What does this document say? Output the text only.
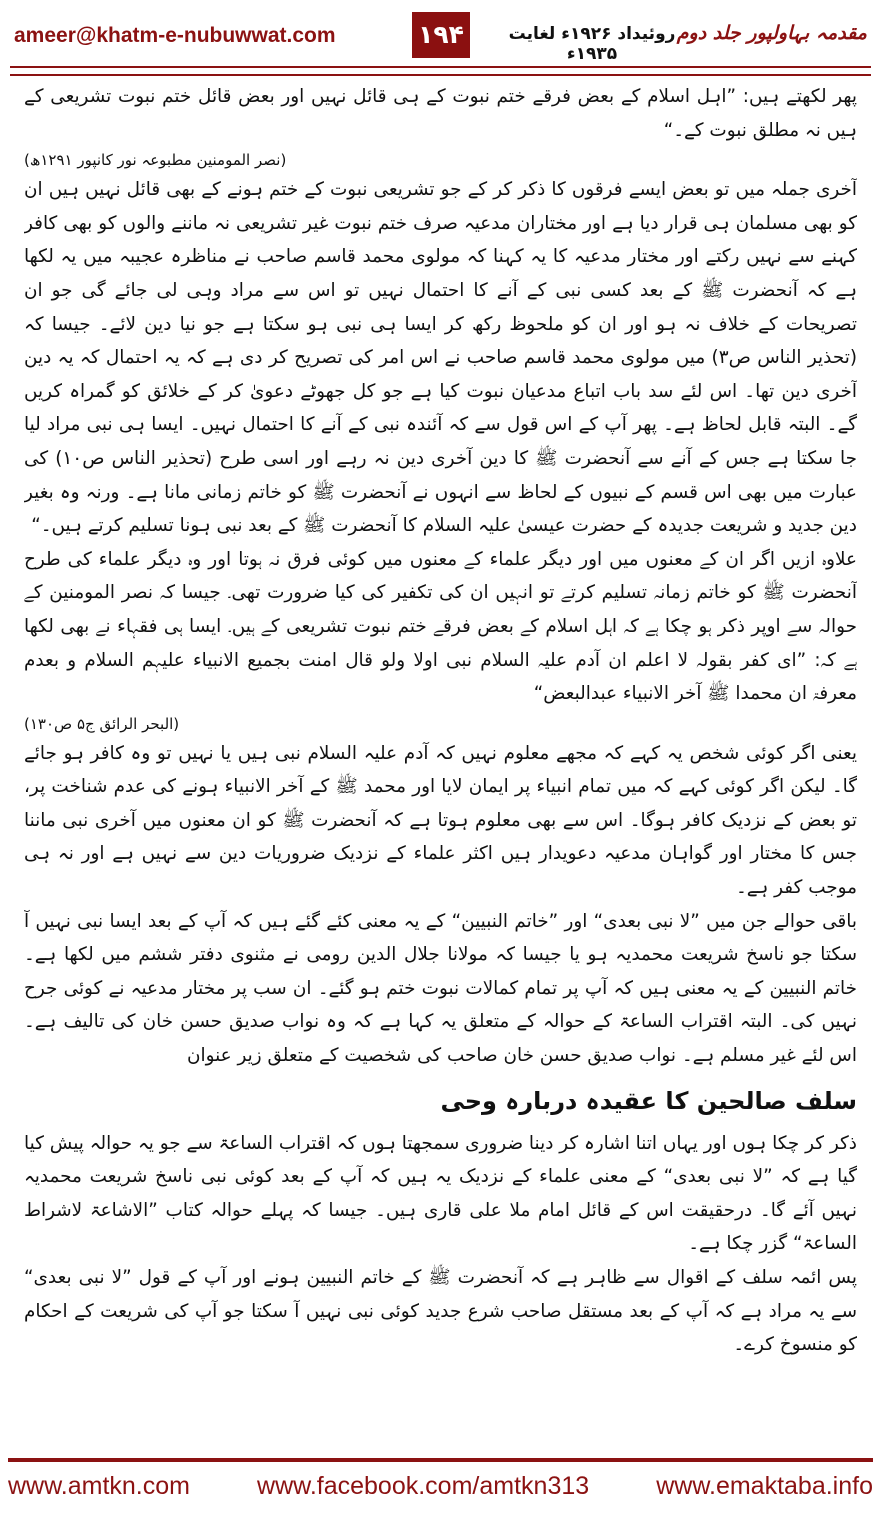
ameer@khatm-e-nubuwwat.com	۱۹۴	روئیداد ۱۹۲۶ء لغایت ۱۹۳۵ء
مقدمہ بہاولپور جلد دوم

پھر لکھتے ہیں: ”اہل اسلام کے بعض فرقے ختم نبوت کے ہی قائل نہیں اور بعض قائل ختم نبوت تشریعی کے ہیں نہ مطلق نبوت کے۔“

(نصر المومنین مطبوعہ نور کانپور ۱۲۹۱ھ)

آخری جملہ میں تو بعض ایسے فرقوں کا ذکر کر کے جو تشریعی نبوت کے ختم ہونے کے بھی قائل نہیں ہیں ان کو بھی مسلمان ہی قرار دیا ہے اور مختاران مدعیہ صرف ختم نبوت غیر تشریعی نہ ماننے والوں کو بھی کافر کہنے سے نہیں رکتے اور مختار مدعیہ کا یہ کہنا کہ مولوی محمد قاسم صاحب نے مناظرہ عجیبہ میں یہ لکھا ہے کہ آنحضرت ﷺ کے بعد کسی نبی کے آنے کا احتمال نہیں تو اس سے مراد وہی لی جائے گی جو ان تصریحات کے خلاف نہ ہو اور ان کو ملحوظ رکھ کر ایسا ہی نبی ہو سکتا ہے جو نیا دین لائے۔ جیسا کہ (تحذیر الناس ص۳) میں مولوی محمد قاسم صاحب نے اس امر کی تصریح کر دی ہے کہ یہ احتمال کہ یہ دین آخری دین تھا۔ اس لئے سد باب اتباع مدعیان نبوت کیا ہے جو کل جھوٹے دعویٰ کر کے خلائق کو گمراہ کریں گے۔ البتہ قابل لحاظ ہے۔ پھر آپ کے اس قول سے کہ آئندہ نبی کے آنے کا احتمال نہیں۔ ایسا ہی نبی مراد لیا جا سکتا ہے جس کے آنے سے آنحضرت ﷺ کا دین آخری دین نہ رہے اور اسی طرح (تحذیر الناس ص۱۰) کی عبارت میں بھی اس قسم کے نبیوں کے لحاظ سے انہوں نے آنحضرت ﷺ کو خاتم زمانی مانا ہے۔ ورنہ وہ بغیر دین جدید و شریعت جدیدہ کے حضرت عیسیٰ علیہ السلام کا آنحضرت ﷺ کے بعد نبی ہونا تسلیم کرتے ہیں۔“

علاوہ ازیں اگر ان کے معنوں میں اور دیگر علماء کے معنوں میں کوئی فرق نہ ہوتا اور وہ دیگر علماء کی طرح آنحضرت ﷺ کو خاتم زمانہ تسلیم کرتے تو انہیں ان کی تکفیر کی کیا ضرورت تھی۔ جیسا کہ نصر المومنین کے حوالہ سے اوپر ذکر ہو چکا ہے کہ اہل اسلام کے بعض فرقے ختم نبوت تشریعی کے ہیں۔ ایسا ہی فقہاء نے بھی لکھا ہے کہ: ”ای کفر بقولہ لا اعلم ان آدم علیہ السلام نبی اولا ولو قال امنت بجمیع الانبیاء علیہم السلام و بعدم معرفۃ ان محمدا ﷺ آخر الانبیاء عبدالبعض“

(البحر الرائق ج۵ ص۱۳۰)

یعنی اگر کوئی شخص یہ کہے کہ مجھے معلوم نہیں کہ آدم علیہ السلام نبی ہیں یا نہیں تو وہ کافر ہو جائے گا۔ لیکن اگر کوئی کہے کہ میں تمام انبیاء پر ایمان لایا اور محمد ﷺ کے آخر الانبیاء ہونے کی عدم شناخت پر، تو بعض کے نزدیک کافر ہوگا۔ اس سے بھی معلوم ہوتا ہے کہ آنحضرت ﷺ کو ان معنوں میں آخری نبی ماننا جس کا مختار اور گواہان مدعیہ دعویدار ہیں اکثر علماء کے نزدیک ضروریات دین سے نہیں ہے اور نہ ہی موجب کفر ہے۔

باقی حوالے جن میں ”لا نبی بعدی“ اور ”خاتم النبیین“ کے یہ معنی کئے گئے ہیں کہ آپ کے بعد ایسا نبی نہیں آ سکتا جو ناسخ شریعت محمدیہ ہو یا جیسا کہ مولانا جلال الدین رومی نے مثنوی دفتر ششم میں لکھا ہے۔ خاتم النبیین کے یہ معنی ہیں کہ آپ پر تمام کمالات نبوت ختم ہو گئے۔ ان سب پر مختار مدعیہ نے کوئی جرح نہیں کی۔ البتہ اقتراب الساعۃ کے حوالہ کے متعلق یہ کہا ہے کہ وہ نواب صدیق حسن خان کی تالیف ہے۔ اس لئے غیر مسلم ہے۔ نواب صدیق حسن خان صاحب کی شخصیت کے متعلق زیر عنوان

سلف صالحین کا عقیدہ دربارہ وحی

ذکر کر چکا ہوں اور یہاں اتنا اشارہ کر دینا ضروری سمجھتا ہوں کہ اقتراب الساعۃ سے جو یہ حوالہ پیش کیا گیا ہے کہ ”لا نبی بعدی“ کے معنی علماء کے نزدیک یہ ہیں کہ آپ کے بعد کوئی نبی ناسخ شریعت محمدیہ نہیں آئے گا۔ درحقیقت اس کے قائل امام ملا علی قاری ہیں۔ جیسا کہ پہلے حوالہ کتاب ”الاشاعۃ لاشراط الساعۃ“ گزر چکا ہے۔

پس ائمہ سلف کے اقوال سے ظاہر ہے کہ آنحضرت ﷺ کے خاتم النبیین ہونے اور آپ کے قول ”لا نبی بعدی“ سے یہ مراد ہے کہ آپ کے بعد مستقل صاحب شرع جدید کوئی نبی نہیں آ سکتا جو آپ کی شریعت کے احکام کو منسوخ کرے۔

www.amtkn.com	www.facebook.com/amtkn313	www.emaktaba.info
